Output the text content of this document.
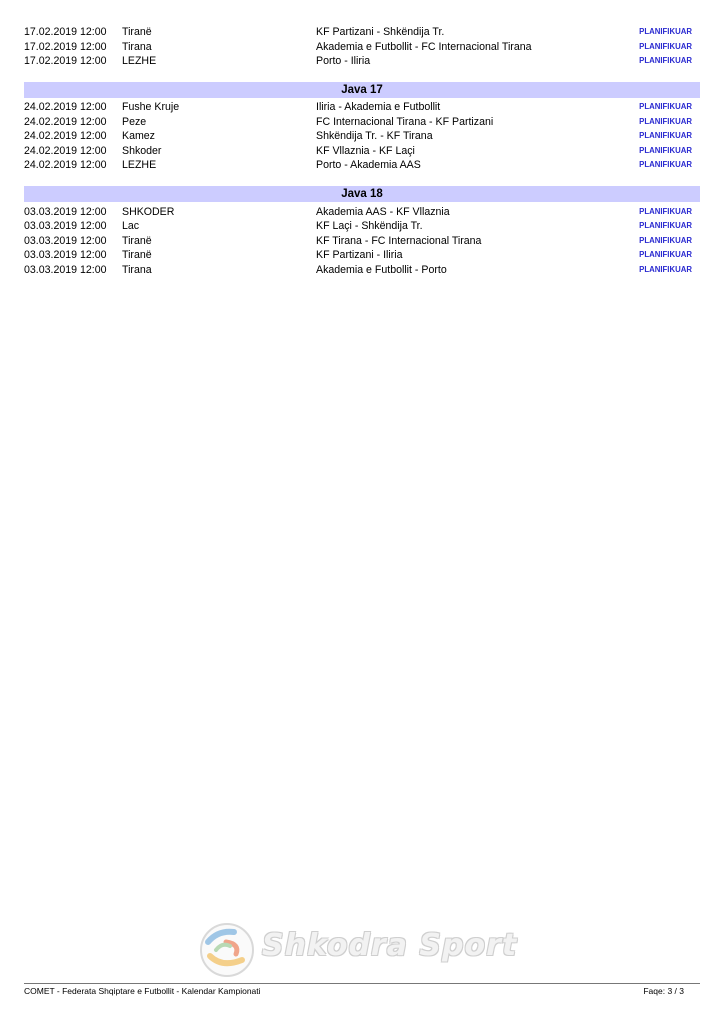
17.02.2019 12:00 Tiranë	KF Partizani - Shkëndija Tr.	PLANIFIKUAR
17.02.2019 12:00 Tirana	Akademia e Futbollit - FC Internacional Tirana	PLANIFIKUAR
17.02.2019 12:00 LEZHE	Porto - Iliria	PLANIFIKUAR
Java 17
24.02.2019 12:00 Fushe Kruje	Iliria - Akademia e Futbollit	PLANIFIKUAR
24.02.2019 12:00 Peze	FC Internacional Tirana - KF Partizani	PLANIFIKUAR
24.02.2019 12:00 Kamez	Shkëndija Tr. - KF Tirana	PLANIFIKUAR
24.02.2019 12:00 Shkoder	KF Vllaznia - KF Laçi	PLANIFIKUAR
24.02.2019 12:00 LEZHE	Porto - Akademia AAS	PLANIFIKUAR
Java 18
03.03.2019 12:00 SHKODER	Akademia AAS - KF Vllaznia	PLANIFIKUAR
03.03.2019 12:00 Lac	KF Laçi - Shkëndija Tr.	PLANIFIKUAR
03.03.2019 12:00 Tiranë	KF Tirana - FC Internacional Tirana	PLANIFIKUAR
03.03.2019 12:00 Tiranë	KF Partizani - Iliria	PLANIFIKUAR
03.03.2019 12:00 Tirana	Akademia e Futbollit - Porto	PLANIFIKUAR
Shkodra Sport
COMET - Federata Shqiptare e Futbollit - Kalendar Kampionati	Faqe: 3 / 3
